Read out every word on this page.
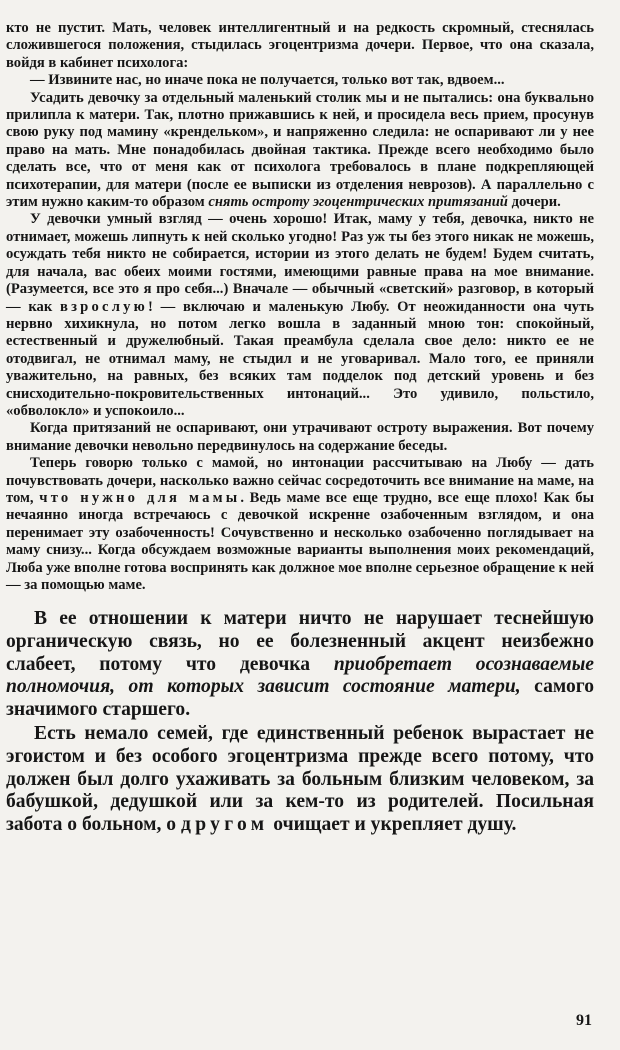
кто не пустит. Мать, человек интеллигентный и на редкость скромный, стеснялась сложившегося положения, стыдилась эгоцентризма дочери. Первое, что она сказала, войдя в кабинет психолога:

— Извините нас, но иначе пока не получается, только вот так, вдвоем...

Усадить девочку за отдельный маленький столик мы и не пытались: она буквально прилипла к матери. Так, плотно прижавшись к ней, и просидела весь прием, просунув свою руку под мамину «крендельком», и напряженно следила: не оспаривают ли у нее право на мать. Мне понадобилась двойная тактика. Прежде всего необходимо было сделать все, что от меня как от психолога требовалось в плане подкрепляющей психотерапии, для матери (после ее выписки из отделения неврозов). А параллельно с этим нужно каким-то образом снять остроту эгоцентрических притязаний дочери.

У девочки умный взгляд — очень хорошо! Итак, маму у тебя, девочка, никто не отнимает, можешь липнуть к ней сколько угодно! Раз уж ты без этого никак не можешь, осуждать тебя никто не собирается, истории из этого делать не будем! Будем считать, для начала, вас обеих моими гостями, имеющими равные права на мое внимание. (Разумеется, все это я про себя...) Вначале — обычный «светский» разговор, в который — как взрослую! — включаю и маленькую Любу. От неожиданности она чуть нервно хихикнула, но потом легко вошла в заданный мною тон: спокойный, естественный и дружелюбный. Такая преамбула сделала свое дело: никто ее не отодвигал, не отнимал маму, не стыдил и не уговаривал. Мало того, ее приняли уважительно, на равных, без всяких там подделок под детский уровень и без снисходительно-покровительственных интонаций... Это удивило, польстило, «обволокло» и успокоило...

Когда притязаний не оспаривают, они утрачивают остроту выражения. Вот почему внимание девочки невольно передвинулось на содержание беседы.

Теперь говорю только с мамой, но интонации рассчитываю на Любу — дать почувствовать дочери, насколько важно сейчас сосредоточить все внимание на маме, на том, что нужно для мамы. Ведь маме все еще трудно, все еще плохо! Как бы нечаянно иногда встречаюсь с девочкой искренне озабоченным взглядом, и она перенимает эту озабоченность! Сочувственно и несколько озабоченно поглядывает на маму снизу... Когда обсуждаем возможные варианты выполнения моих рекомендаций, Люба уже вполне готова воспринять как должное мое вполне серьезное обращение к ней — за помощью маме.

В ее отношении к матери ничто не нарушает теснейшую органическую связь, но ее болезненный акцент неизбежно слабеет, потому что девочка приобретает осознаваемые полномочия, от которых зависит состояние матери, самого значимого старшего.

Есть немало семей, где единственный ребенок вырастает не эгоистом и без особого эгоцентризма прежде всего потому, что должен был долго ухаживать за больным близким человеком, за бабушкой, дедушкой или за кем-то из родителей. Посильная забота о больном, о другом очищает и укрепляет душу.

91
